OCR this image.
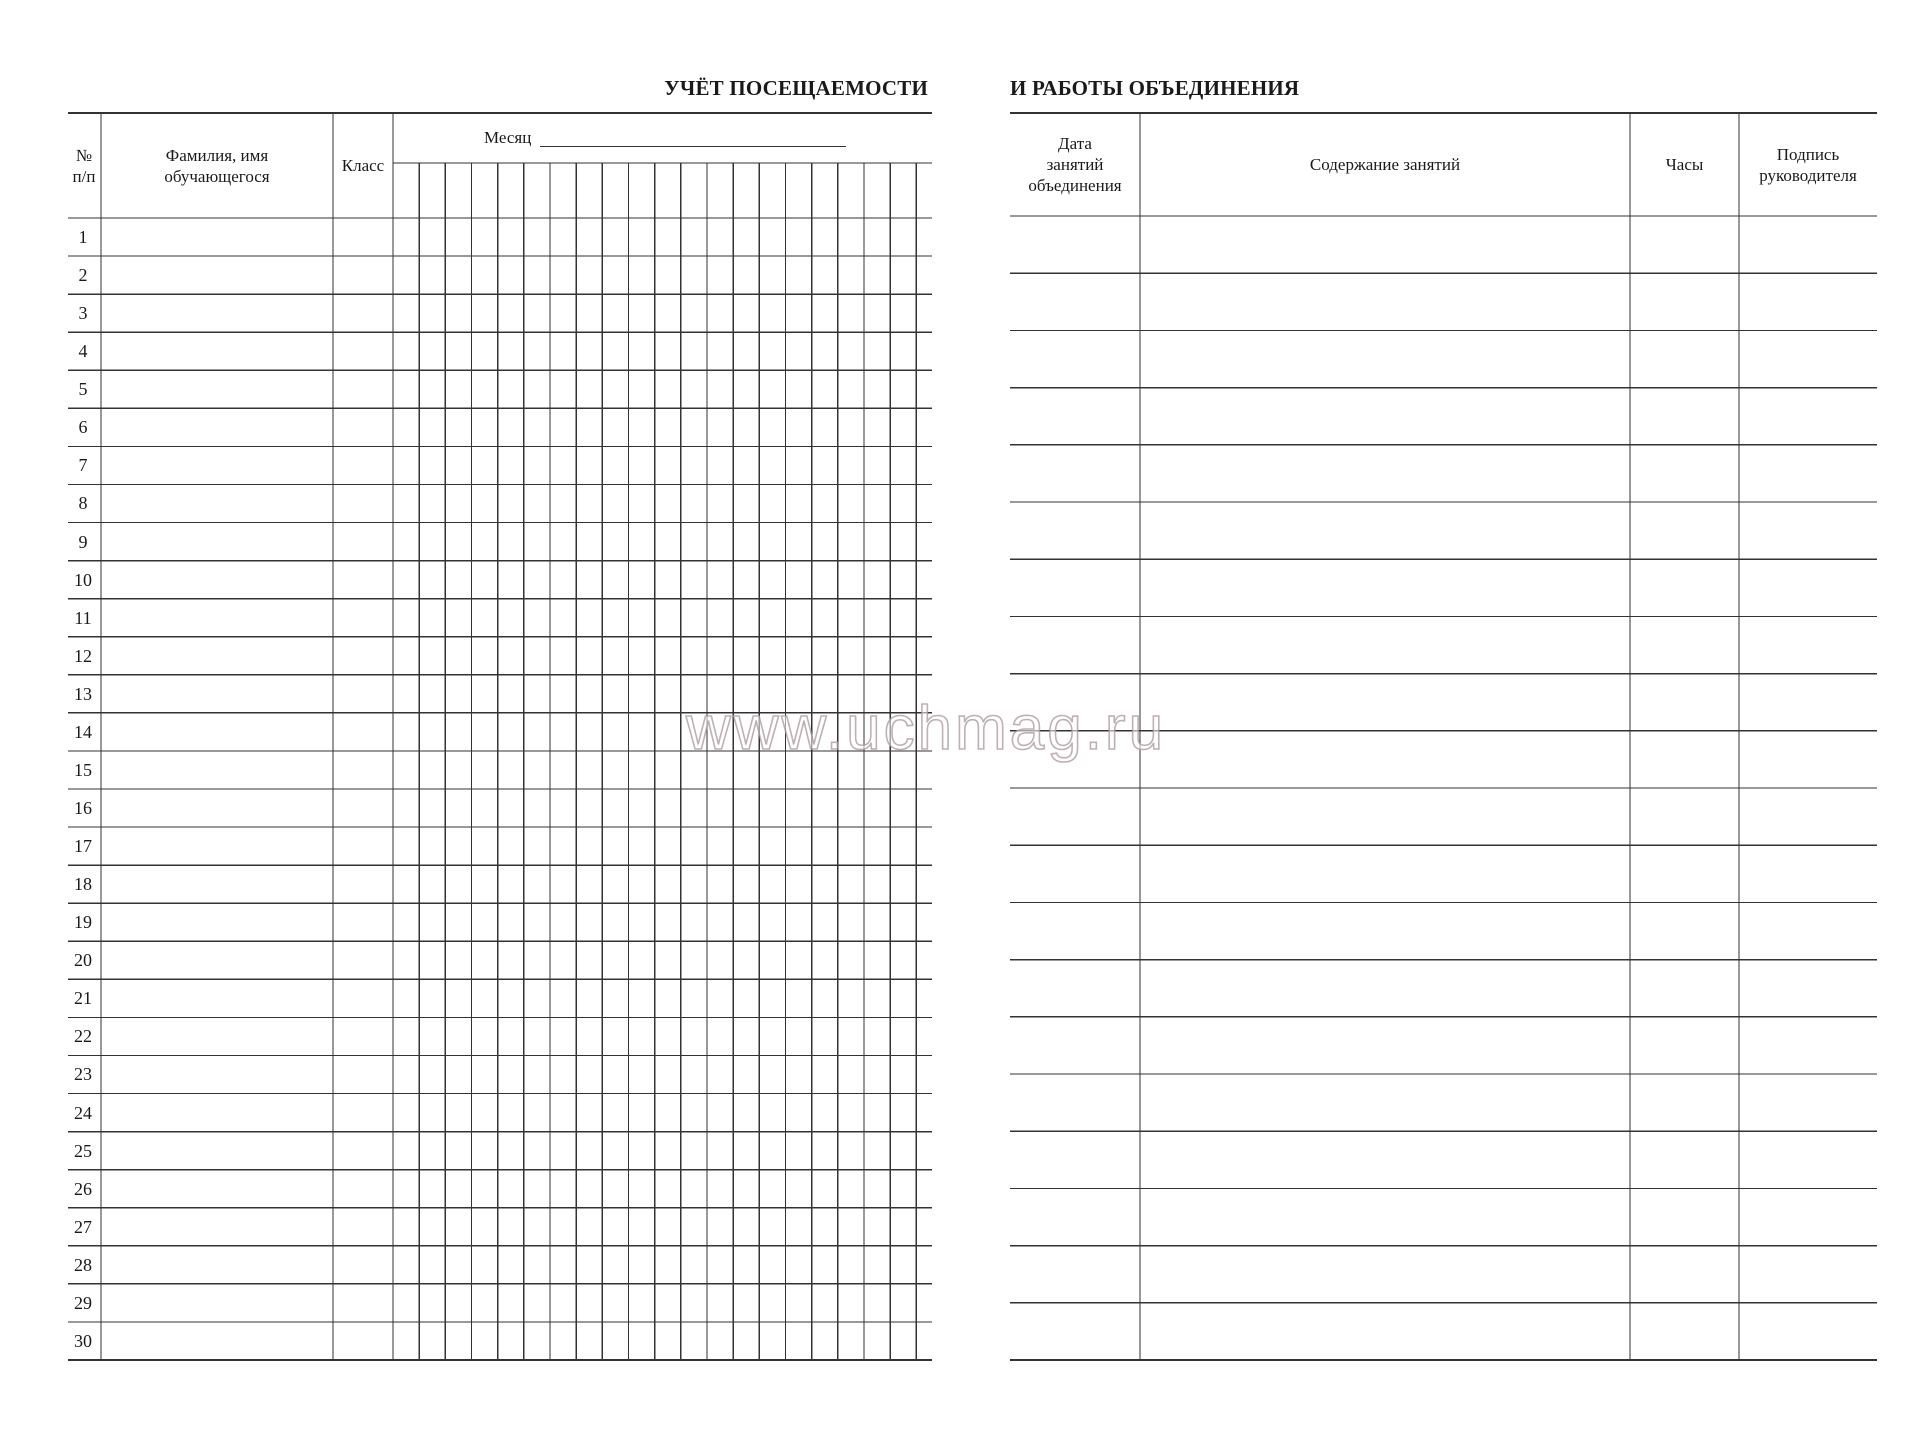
УЧЁТ ПОСЕЩАЕМОСТИ	И РАБОТЫ ОБЪЕДИНЕНИЯ
№
п/п
Фамилия, имя
обучающегося
Класс
Месяц
1
2
3
4
5
6
7
8
9
10
11
12
13
14
15
16
17
18
19
20
21
22
23
24
25
26
27
28
29
30
Дата
занятий
объединения
Содержание занятий	Часы
Подпись
руководителя
www.uchmag.ru
